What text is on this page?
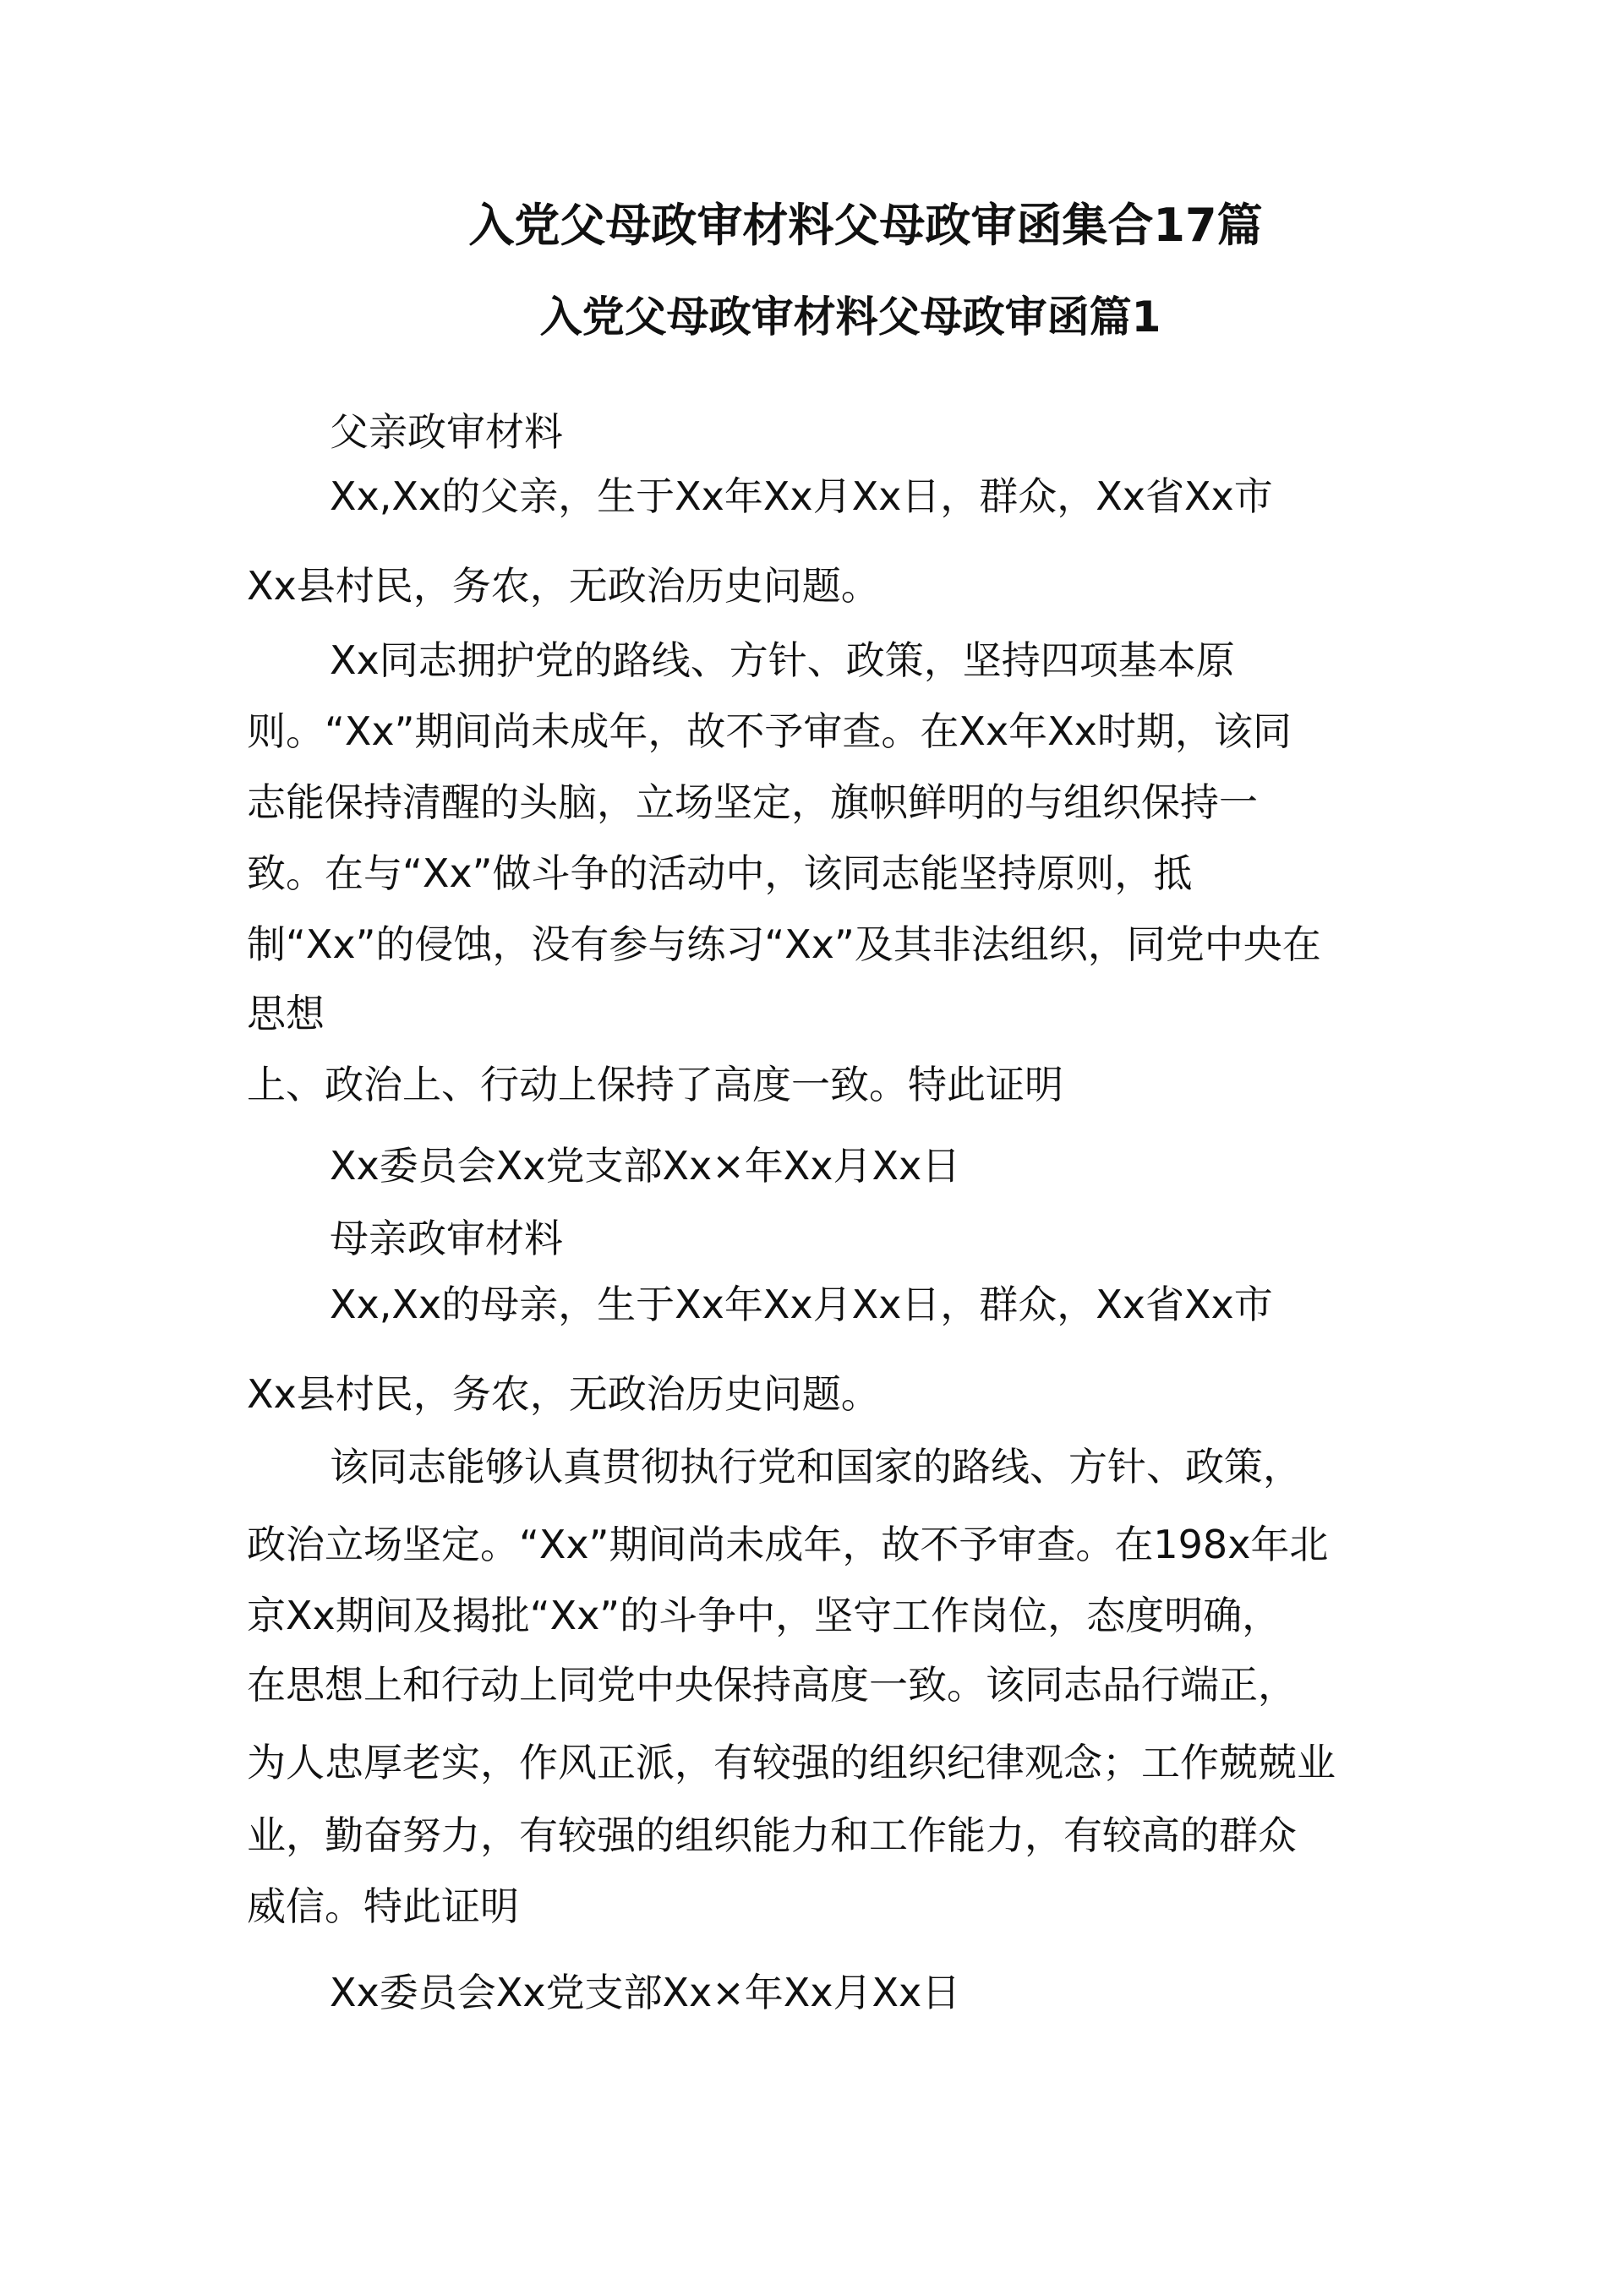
入党父母政审材料父母政审函集合17篇
入党父母政审材料父母政审函篇1
父亲政审材料
Xx,Xx的父亲，生于Xx年Xx月Xx日，群众，Xx省Xx市
Xx县村民，务农，无政治历史问题。
Xx同志拥护党的路线、方针、政策，坚持四项基本原
则。“Xx”期间尚未成年，故不予审查。在Xx年Xx时期，该同
志能保持清醒的头脑，立场坚定，旗帜鲜明的与组织保持一
致。在与“Xx”做斗争的活动中，该同志能坚持原则，抵
制“Xx”的侵蚀，没有参与练习“Xx”及其非法组织，同党中央在
思想
上、政治上、行动上保持了高度一致。特此证明
Xx委员会Xx党支部Xx×年Xx月Xx日
母亲政审材料
Xx,Xx的母亲，生于Xx年Xx月Xx日，群众，Xx省Xx市
Xx县村民，务农，无政治历史问题。
该同志能够认真贯彻执行党和国家的路线、方针、政策，
政治立场坚定。“Xx”期间尚未成年，故不予审查。在198x年北
京Xx期间及揭批“Xx”的斗争中，坚守工作岗位，态度明确，
在思想上和行动上同党中央保持高度一致。该同志品行端正，
为人忠厚老实，作风正派，有较强的组织纪律观念；工作兢兢业
业，勤奋努力，有较强的组织能力和工作能力，有较高的群众
威信。特此证明
Xx委员会Xx党支部Xx×年Xx月Xx日
